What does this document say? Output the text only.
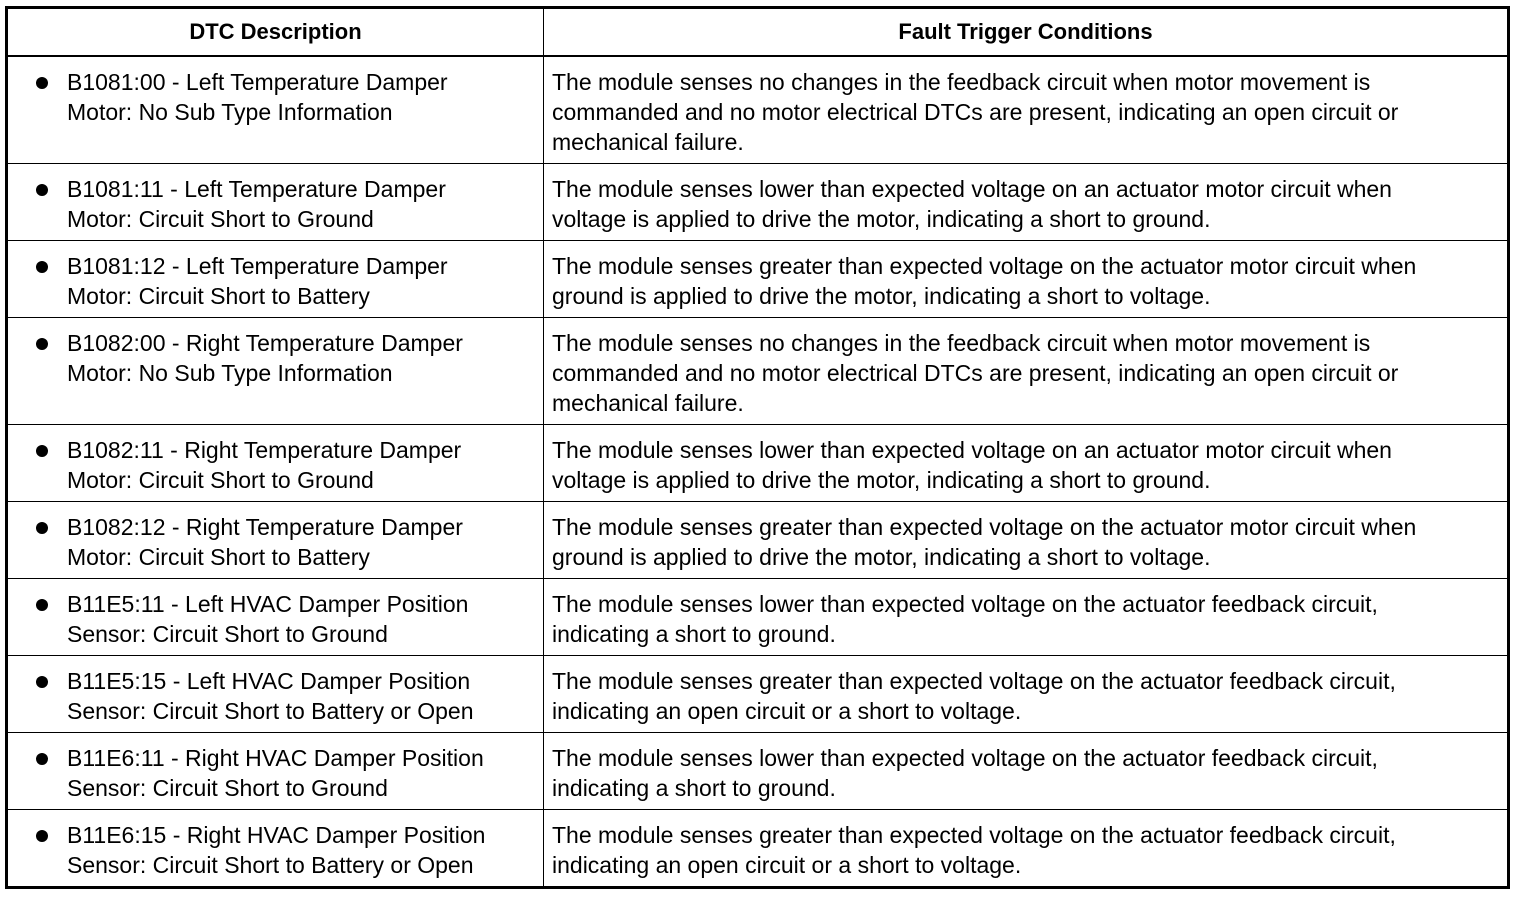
DTC Description	Fault Trigger Conditions

B1081:00 - Left Temperature Damper
Motor: No Sub Type Information	The module senses no changes in the feedback circuit when motor movement is
commanded and no motor electrical DTCs are present, indicating an open circuit or
mechanical failure.

B1081:11 - Left Temperature Damper
Motor: Circuit Short to Ground	The module senses lower than expected voltage on an actuator motor circuit when
voltage is applied to drive the motor, indicating a short to ground.

B1081:12 - Left Temperature Damper
Motor: Circuit Short to Battery	The module senses greater than expected voltage on the actuator motor circuit when
ground is applied to drive the motor, indicating a short to voltage.

B1082:00 - Right Temperature Damper
Motor: No Sub Type Information	The module senses no changes in the feedback circuit when motor movement is
commanded and no motor electrical DTCs are present, indicating an open circuit or
mechanical failure.

B1082:11 - Right Temperature Damper
Motor: Circuit Short to Ground	The module senses lower than expected voltage on an actuator motor circuit when
voltage is applied to drive the motor, indicating a short to ground.

B1082:12 - Right Temperature Damper
Motor: Circuit Short to Battery	The module senses greater than expected voltage on the actuator motor circuit when
ground is applied to drive the motor, indicating a short to voltage.

B11E5:11 - Left HVAC Damper Position
Sensor: Circuit Short to Ground	The module senses lower than expected voltage on the actuator feedback circuit,
indicating a short to ground.

B11E5:15 - Left HVAC Damper Position
Sensor: Circuit Short to Battery or Open	The module senses greater than expected voltage on the actuator feedback circuit,
indicating an open circuit or a short to voltage.

B11E6:11 - Right HVAC Damper Position
Sensor: Circuit Short to Ground	The module senses lower than expected voltage on the actuator feedback circuit,
indicating a short to ground.

B11E6:15 - Right HVAC Damper Position
Sensor: Circuit Short to Battery or Open	The module senses greater than expected voltage on the actuator feedback circuit,
indicating an open circuit or a short to voltage.
